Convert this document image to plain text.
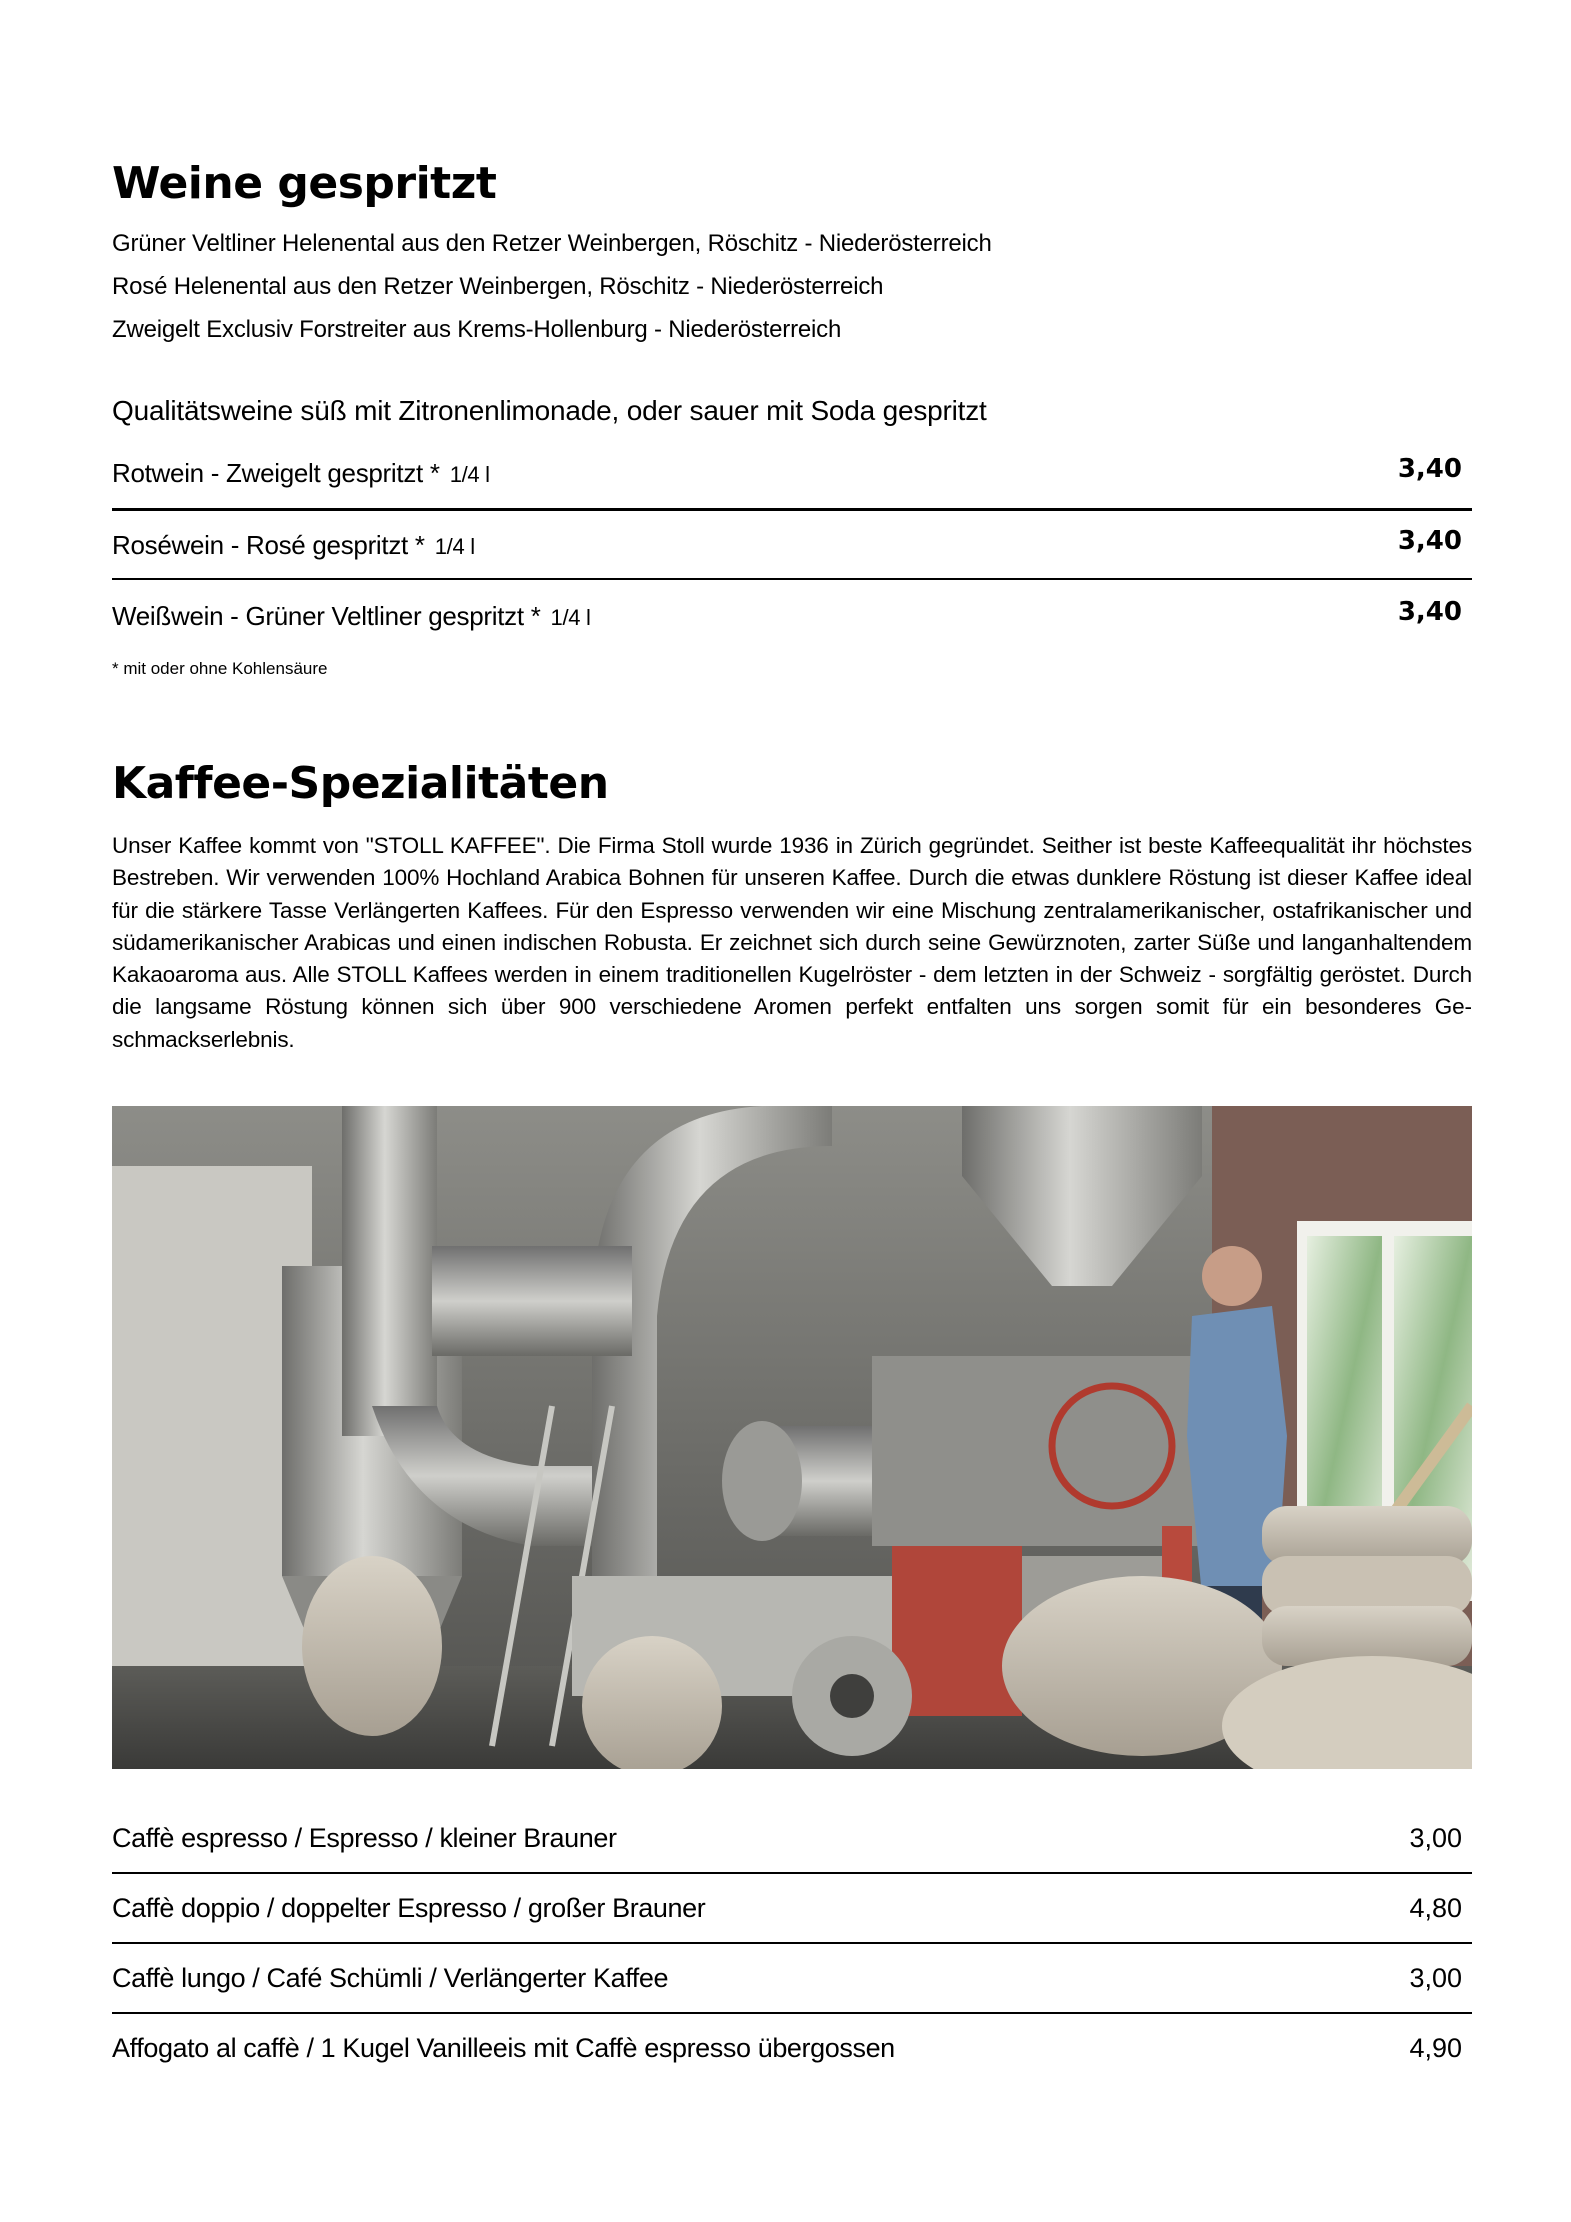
Weine gespritzt
Grüner Veltliner Helenental aus den Retzer Weinbergen, Röschitz - Niederösterreich
Rosé Helenental aus den Retzer Weinbergen, Röschitz - Niederösterreich
Zweigelt Exclusiv Forstreiter aus Krems-Hollenburg - Niederösterreich
Qualitätsweine süß mit Zitronenlimonade, oder sauer mit Soda gespritzt
Rotwein - Zweigelt gespritzt * 1/4 l	3,40
Roséwein - Rosé gespritzt * 1/4 l	3,40
Weißwein - Grüner Veltliner gespritzt * 1/4 l	3,40
* mit oder ohne Kohlensäure
Kaffee-Spezialitäten
Unser Kaffee kommt von "STOLL KAFFEE". Die Firma Stoll wurde 1936 in Zürich gegründet. Seither ist beste Kaffeequalität ihr höchstes Bestreben. Wir verwenden 100% Hochland Arabica Bohnen für unseren Kaffee. Durch die etwas dunklere Röstung ist dieser Kaffee ideal für die stärkere Tasse Verlängerten Kaffees. Für den Espresso verwenden wir eine Mischung zentralamerikanischer, ostafrikanischer und südamerikanischer Arabicas und einen indischen Robusta. Er zeichnet sich durch seine Gewürznoten, zarter Süße und langanhaltendem Kakaoaroma aus. Alle STOLL Kaffees werden in einem traditionellen Kugelröster - dem letzten in der Schweiz - sorgfältig geröstet. Durch die langsame Röstung können sich über 900 verschiedene Aromen perfekt entfalten uns sorgen somit für ein besonderes Geschmackserlebnis.
Caffè espresso / Espresso / kleiner Brauner	3,00
Caffè doppio / doppelter Espresso / großer Brauner	4,80
Caffè lungo / Café Schümli / Verlängerter Kaffee	3,00
Affogato al caffè / 1 Kugel Vanilleeis mit Caffè espresso übergossen	4,90
